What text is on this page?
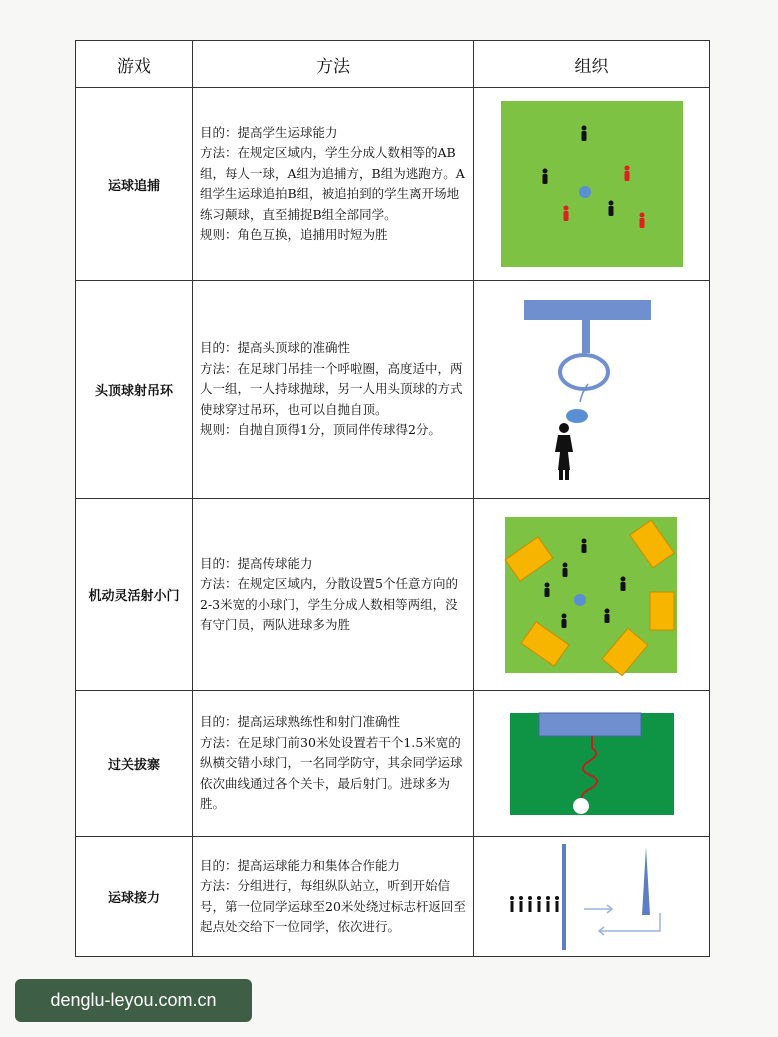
游戏	方法	组织
运球追捕	目的：提高学生运球能力

方法：在规定区域内，学生分成人数相等的AB组，每人一球，A组为追捕方，B组为逃跑方。A组学生运球追拍B组，被追拍到的学生离开场地练习颠球，直至捕捉B组全部同学。

规则：角色互换，追捕用时短为胜

头顶球射吊环	目的：提高头顶球的准确性

方法：在足球门吊挂一个呼啦圈，高度适中，两人一组，一人持球抛球，另一人用头顶球的方式使球穿过吊环，也可以自抛自顶。

规则：自抛自顶得1分，顶同伴传球得2分。

机动灵活射小门	目的：提高传球能力

方法：在规定区域内，分散设置5个任意方向的2-3米宽的小球门，学生分成人数相等两组，没有守门员，两队进球多为胜

过关拔寨	目的：提高运球熟练性和射门准确性

方法：在足球门前30米处设置若干个1.5米宽的纵横交错小球门，一名同学防守，其余同学运球依次曲线通过各个关卡，最后射门。进球多为胜。

运球接力	目的：提高运球能力和集体合作能力

方法：分组进行，每组纵队站立，听到开始信号，第一位同学运球至20米处绕过标志杆返回至起点处交给下一位同学，依次进行。

denglu-leyou.com.cn
